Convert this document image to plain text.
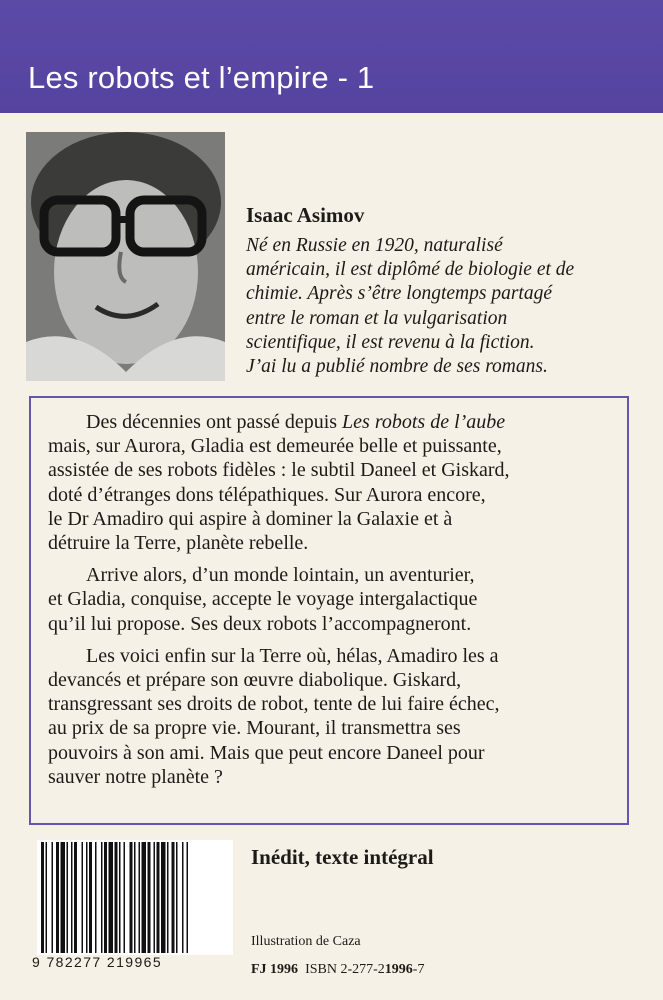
Les robots et l’empire - 1
Isaac Asimov
Né en Russie en 1920, naturalisé
américain, il est diplômé de biologie et de
chimie. Après s’être longtemps partagé
entre le roman et la vulgarisation
scientifique, il est revenu à la fiction.
J’ai lu a publié nombre de ses romans.
Des décennies ont passé depuis Les robots de l’aube
mais, sur Aurora, Gladia est demeurée belle et puissante,
assistée de ses robots fidèles : le subtil Daneel et Giskard,
doté d’étranges dons télépathiques. Sur Aurora encore,
le Dr Amadiro qui aspire à dominer la Galaxie et à
détruire la Terre, planète rebelle.
Arrive alors, d’un monde lointain, un aventurier,
et Gladia, conquise, accepte le voyage intergalactique
qu’il lui propose. Ses deux robots l’accompagneront.
Les voici enfin sur la Terre où, hélas, Amadiro les a
devancés et prépare son œuvre diabolique. Giskard,
transgressant ses droits de robot, tente de lui faire échec,
au prix de sa propre vie. Mourant, il transmettra ses
pouvoirs à son ami. Mais que peut encore Daneel pour
sauver notre planète ?
9 782277 219965
Inédit, texte intégral
Illustration de Caza
FJ 1996 ISBN 2-277-21996-7
